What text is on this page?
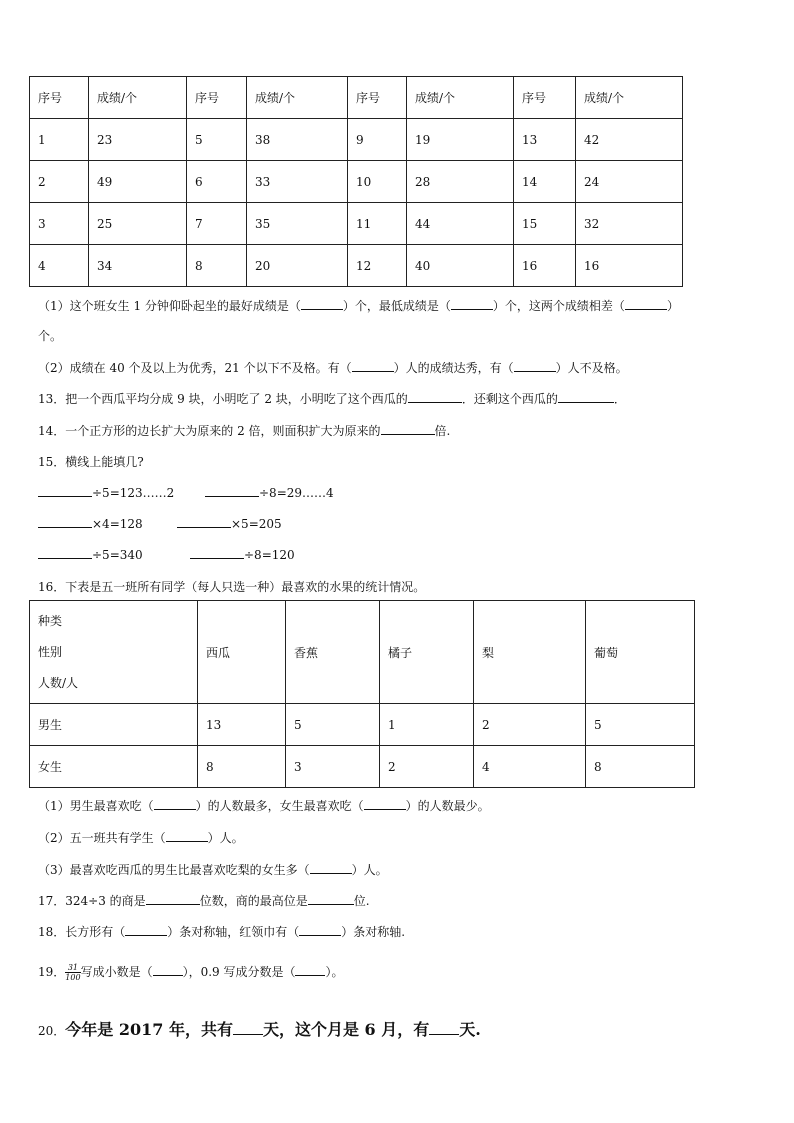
序号	成绩/个	序号	成绩/个	序号	成绩/个	序号	成绩/个
1	23	5	38	9	19	13	42
2	49	6	33	10	28	14	24
3	25	7	35	11	44	15	32
4	34	8	20	12	40	16	16
（1）这个班女生 1 分钟仰卧起坐的最好成绩是（	）个，最低成绩是（	）个，这两个成绩相差（	）
个。
（2）成绩在 40 个及以上为优秀，21 个以下不及格。有（	）人的成绩达秀，有（	）人不及格。
13．把一个西瓜平均分成 9 块，小明吃了 2 块，小明吃了这个西瓜的	．还剩这个西瓜的	．
14．一个正方形的边长扩大为原来的 2 倍，则面积扩大为原来的	倍.
15．横线上能填几?
÷5=123……2	÷8=29……4
×4=128	×5=205
÷5=340	÷8=120
16．下表是五一班所有同学（每人只选一种）最喜欢的水果的统计情况。
种类
性别
人数/人	西瓜	香蕉	橘子	梨	葡萄
男生	13	5	1	2	5
女生	8	3	2	4	8
（1）男生最喜欢吃（	）的人数最多，女生最喜欢吃（	）的人数最少。
（2）五一班共有学生（	）人。
（3）最喜欢吃西瓜的男生比最喜欢吃梨的女生多（	）人。
17．324÷3 的商是	位数，商的最高位是	位.
18．长方形有（	）条对称轴，红领巾有（	）条对称轴.
19． $\frac{31}{100}$ 写成小数是（	），0.9 写成分数是（	）。
20．今年是 2017 年，共有 天，这个月是 6 月，有 天.
